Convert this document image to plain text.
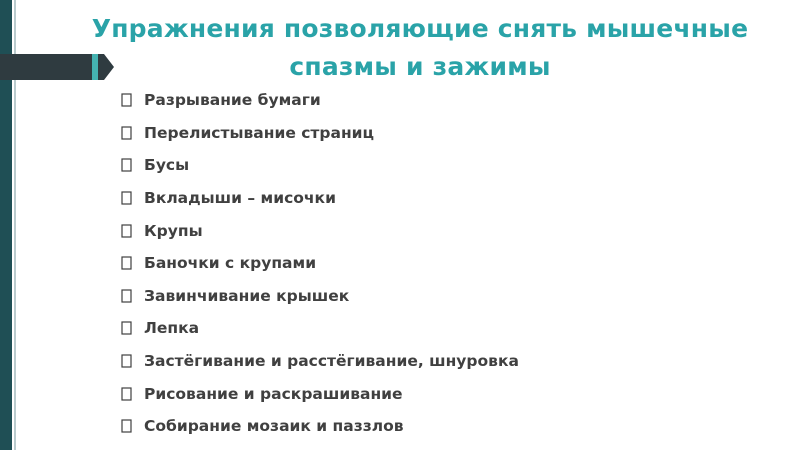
Упражнения позволяющие снять мышечные
спазмы и зажимы
Разрывание бумаги
Перелистывание страниц
Бусы
Вкладыши – мисочки
Крупы
Баночки с крупами
Завинчивание крышек
Лепка
Застёгивание и расстёгивание, шнуровка
Рисование и раскрашивание
Собирание мозаик и паззлов
